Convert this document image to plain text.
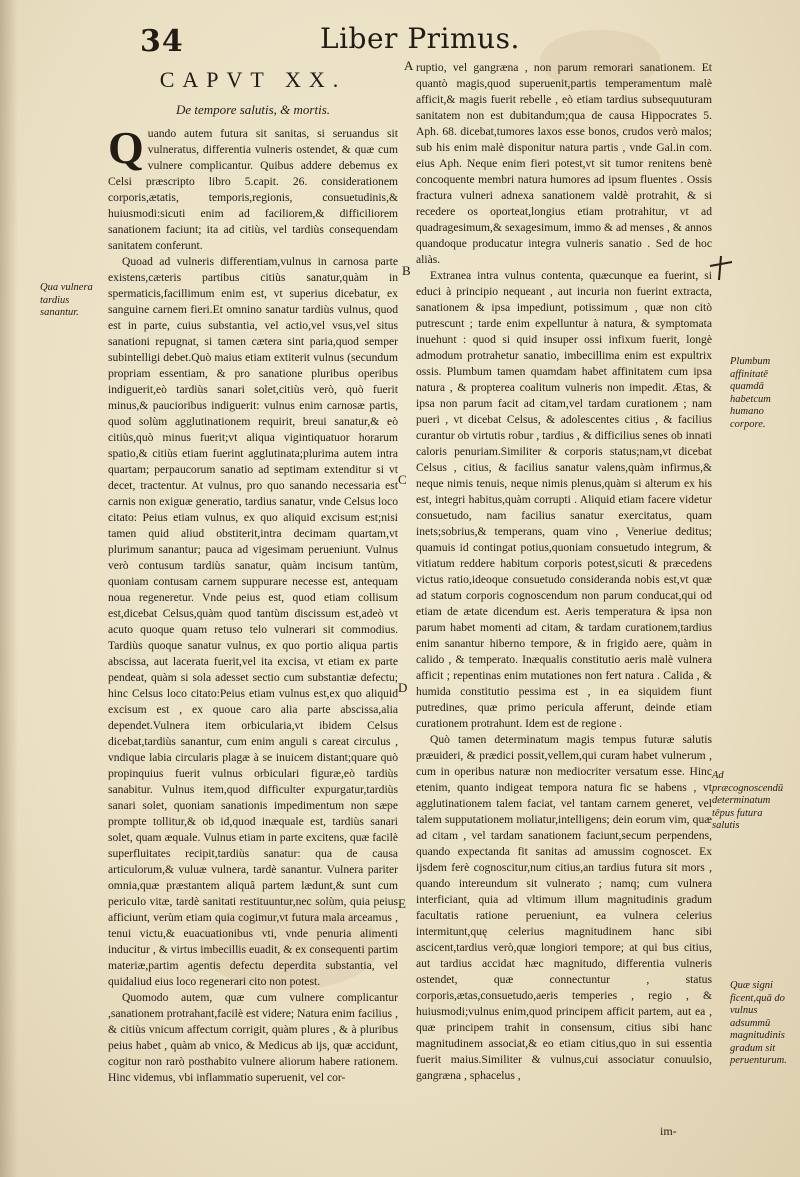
34	Liber Primus.
CAPVT XX.
De tempore salutis, & mortis.

Quando autem futura sit sanitas, si seruandus sit vulneratus, differentia vulneris ostendet, & quæ cum vulnere complicantur. Quibus addere debemus ex Celsi præscripto libro 5.capit. 26. considerationem corporis,ætatis, temporis,regionis, consuetudinis,& huiusmodi:sicuti enim ad faciliorem,& difficiliorem sanationem faciunt; ita ad citiùs, vel tardiùs consequendam sanitatem conferunt.

Quoad ad vulneris differentiam,vulnus in carnosa parte existens,cæteris partibus citiùs sanatur,quàm in spermaticis,facillimum enim est, vt superius dicebatur, ex sanguine carnem fieri.Et omnino sanatur tardiùs vulnus, quod est in parte, cuius substantia, vel actio,vel vsus,vel situs sanationi repugnat, si tamen cætera sint paria,quod semper subintelligi debet.Quò maius etiam extiterit vulnus (secundum propriam essentiam, & pro sanatione pluribus operibus indiguerit,eò tardiùs sanari solet,citiùs verò, quò fuerit minus,& paucioribus indiguerit: vulnus enim carnosæ partis, quod solùm agglutinationem requirit, breui sanatur,& eò citiùs,quò minus fuerit;vt aliqua vigintiquatuor horarum spatio,& citiùs etiam fuerint agglutinata;plurima autem intra quartam; perpaucorum sanatio ad septimam extenditur si vt decet, tractentur. At vulnus, pro quo sanando necessaria est carnis non exiguæ generatio, tardius sanatur, vnde Celsus loco citato: Peius etiam vulnus, ex quo aliquid excisum est;nisi tamen quid aliud obstiterit,intra decimam quartam,vt plurimum sanantur; pauca ad vigesimam perueniunt. Vulnus verò contusum tardiùs sanatur, quàm incisum tantùm, quoniam contusam carnem suppurare necesse est, antequam noua regeneretur. Vnde peius est, quod etiam collisum est,dicebat Celsus,quàm quod tantùm discissum est,adeò vt acuto quoque quam retuso telo vulnerari sit commodius. Tardiùs quoque sanatur vulnus, ex quo portio aliqua partis abscissa, aut lacerata fuerit,vel ita excisa, vt etiam ex parte pendeat, quàm si sola adesset sectio cum substantiæ defectu; hinc Celsus loco citato:Peius etiam vulnus est,ex quo aliquid excisum est , ex quoue caro alia parte abscissa,alia dependet.Vulnera item orbicularia,vt ibidem Celsus dicebat,tardiùs sanantur, cum enim anguli s careat circulus , vndique labia circularis plagæ à se inuicem distant;quare quò propinquius fuerit vulnus orbiculari figuræ,eò tardiùs sanabitur. Vulnus item,quod difficulter expurgatur,tardiùs sanari solet, quoniam sanationis impedimentum non sæpe prompte tollitur,& ob id,quod inæquale est, tardiùs sanari solet, quam æquale. Vulnus etiam in parte excitens, quæ facilè superfluitates recipit,tardiùs sanatur: qua de causa articulorum,& vuluæ vulnera, tardè sanantur. Vulnera pariter omnia,quæ præstantem aliquâ partem lædunt,& sunt cum periculo vitæ, tardè sanitati restituuntur,nec solùm, quia peius afficiunt, verùm etiam quia cogimur,vt futura mala arceamus , tenui victu,& euacuationibus vti, vnde penuria alimenti inducitur , & virtus imbecillis euadit, & ex consequenti partim materiæ,partim agentis defectu deperdita substantia, vel quidaliud eius loco regenerari cito non potest.

Quomodo autem, quæ cum vulnere complicantur ,sanationem protrahant,facilè est videre; Natura enim facilius , & citiùs vnicum affectum corrigit, quàm plures , & à pluribus peius habet , quàm ab vnico, & Medicus ab ijs, quæ accidunt, cogitur non rarò posthabito vulnere aliorum habere rationem. Hinc videmus, vbi inflammatio superuenit, vel cor-

ruptio, vel gangræna , non parum remorari sanationem. Et quantò magis,quod superuenit,partis temperamentum malè afficit,& magis fuerit rebelle , eò etiam tardius subsequuturam sanitatem non est dubitandum;qua de causa Hippocrates 5. Aph. 68. dicebat,tumores laxos esse bonos, crudos verò malos; sub his enim malè disponitur natura partis , vnde Gal.in com. eius Aph. Neque enim fieri potest,vt sit tumor renitens benè concoquente membri natura humores ad ipsum fluentes . Ossis fractura vulneri adnexa sanationem valdè protrahit, & si recedere os oporteat,longius etiam protrahitur, vt ad quadragesimum,& sexagesimum, immo & ad menses , & annos quandoque producatur integra vulneris sanatio . Sed de hoc aliàs.

Extranea intra vulnus contenta, quæcunque ea fuerint, si educi à principio nequeant , aut incuria non fuerint extracta, sanationem & ipsa impediunt, potissimum , quæ non citò putrescunt ; tarde enim expelluntur à natura, & symptomata inuehunt : quod si quid insuper ossi infixum fuerit, longè admodum protrahetur sanatio, imbecillima enim est expultrix ossis. Plumbum tamen quamdam habet affinitatem cum ipsa natura , & propterea coalitum vulneris non impedit. Ætas, & ipsa non parum facit ad citam,vel tardam curationem ; nam pueri , vt dicebat Celsus, & adolescentes citius , & facilius curantur ob virtutis robur , tardius , & difficilius senes ob innati caloris penuriam.Similiter & corporis status;nam,vt dicebat Celsus , citius, & facilius sanatur valens,quàm infirmus,& neque nimis tenuis, neque nimis plenus,quàm si alterum ex his est, integri habitus,quàm corrupti . Aliquid etiam facere videtur consuetudo, nam facilius sanatur exercitatus, quam inets;sobrius,& temperans, quam vino , Veneriue deditus; quamuis id contingat potius,quoniam consuetudo integrum, & vitiatum reddere habitum corporis potest,sicuti & præcedens victus ratio,ideoque consuetudo consideranda nobis est,vt quæ ad statum corporis cognoscendum non parum conducat,qui od etiam de ætate dicendum est. Aeris temperatura & ipsa non parum habet momenti ad citam, & tardam curationem,tardius enim sanantur hiberno tempore, & in frigido aere, quàm in calido , & temperato. Inæqualis constitutio aeris malè vulnera afficit ; repentinas enim mutationes non fert natura . Calida , & humida constitutio pessima est , in ea siquidem fiunt putredines, quæ primo pericula afferunt, deinde etiam curationem protrahunt. Idem est de regione .

Quò tamen determinatum magis tempus futuræ salutis præuideri, & prædici possit,vellem,qui curam habet vulnerum , cum in operibus naturæ non mediocriter versatum esse. Hinc etenim, quanto indigeat tempora natura fic se habens , vt agglutinationem talem faciat, vel tantam carnem generet, vel talem supputationem moliatur,intelligens; dein eorum vim, quæ ad citam , vel tardam sanationem faciunt,secum perpendens, quando expectanda fit sanitas ad amussim cognoscet. Ex ijsdem ferè cognoscitur,num citius,an tardius futura sit mors , quando intereundum sit vulnerato ; namq; cum vulnera interficiant, quia ad vltimum illum magnitudinis gradum facultatis ratione perueniunt, ea vulnera celerius intermitunt,quę celerius magnitudinem hanc sibi ascicent,tardius verò,quæ longiori tempore; at qui bus citius, aut tardius accidat hæc magnitudo, differentia vulneris ostendet, quæ connectuntur , status corporis,ætas,consuetudo,aeris temperies , regio , & huiusmodi;vulnus enim,quod principem afficit partem, aut ea , quæ principem trahit in consensum, citius sibi hanc magnitudinem associat,& eo etiam citius,quo in sui essentia fuerit maius.Similiter & vulnus,cui associatur conuulsio, gangræna , sphacelus ,

A
B
C
D
E
Qua vulnera tardius sanantur.
Plumbum affinitatē quamdā habetcum humano corpore.
Ad præcognoscendū determinatum tēpus futura salutis
Quæ signi ficent,quā do vulnus adsummū magnitudinis gradum sit peruenturum.
im-
